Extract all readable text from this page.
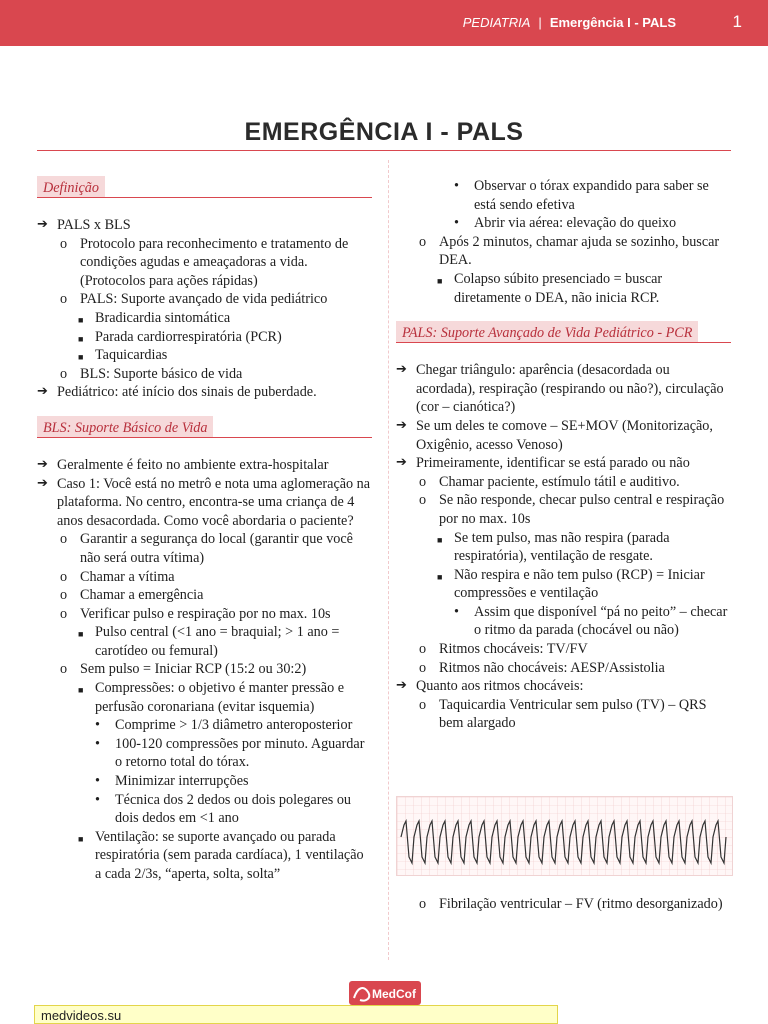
PEDIATRIA | Emergência I - PALS	1
EMERGÊNCIA I - PALS
Definição
➔ PALS x BLS
o Protocolo para reconhecimento e tratamento de condições agudas e ameaçadoras a vida. (Protocolos para ações rápidas)
o PALS: Suporte avançado de vida pediátrico
■ Bradicardia sintomática
■ Parada cardiorrespiratória (PCR)
■ Taquicardias
o BLS: Suporte básico de vida
➔ Pediátrico: até início dos sinais de puberdade.
BLS: Suporte Básico de Vida
➔ Geralmente é feito no ambiente extra-hospitalar
➔ Caso 1: Você está no metrô e nota uma aglomeração na plataforma. No centro, encontra-se uma criança de 4 anos desacordada. Como você abordaria o paciente?
o Garantir a segurança do local (garantir que você não será outra vítima)
o Chamar a vítima
o Chamar a emergência
o Verificar pulso e respiração por no max. 10s
■ Pulso central (<1 ano = braquial; > 1 ano = carotídeo ou femural)
o Sem pulso = Iniciar RCP (15:2 ou 30:2)
■ Compressões: o objetivo é manter pressão e perfusão coronariana (evitar isquemia)
• Comprime > 1/3 diâmetro anteroposterior
• 100-120 compressões por minuto. Aguardar o retorno total do tórax.
• Minimizar interrupções
• Técnica dos 2 dedos ou dois polegares ou dois dedos em <1 ano
■ Ventilação: se suporte avançado ou parada respiratória (sem parada cardíaca), 1 ventilação a cada 2/3s, “aperta, solta, solta”
• Observar o tórax expandido para saber se está sendo efetiva
• Abrir via aérea: elevação do queixo
o Após 2 minutos, chamar ajuda se sozinho, buscar DEA.
■ Colapso súbito presenciado = buscar diretamente o DEA, não inicia RCP.
PALS: Suporte Avançado de Vida Pediátrico - PCR
➔ Chegar triângulo: aparência (desacordada ou acordada), respiração (respirando ou não?), circulação (cor – cianótica?)
➔ Se um deles te comove – SE+MOV (Monitorização, Oxigênio, acesso Venoso)
➔ Primeiramente, identificar se está parado ou não
o Chamar paciente, estímulo tátil e auditivo.
o Se não responde, checar pulso central e respiração por no max. 10s
■ Se tem pulso, mas não respira (parada respiratória), ventilação de resgate.
■ Não respira e não tem pulso (RCP) = Iniciar compressões e ventilação
• Assim que disponível “pá no peito” – checar o ritmo da parada (chocável ou não)
o Ritmos chocáveis: TV/FV
o Ritmos não chocáveis: AESP/Assistolia
➔ Quanto aos ritmos chocáveis:
o Taquicardia Ventricular sem pulso (TV) – QRS bem alargado
o Fibrilação ventricular – FV (ritmo desorganizado)
MedCof
medvideos.su
